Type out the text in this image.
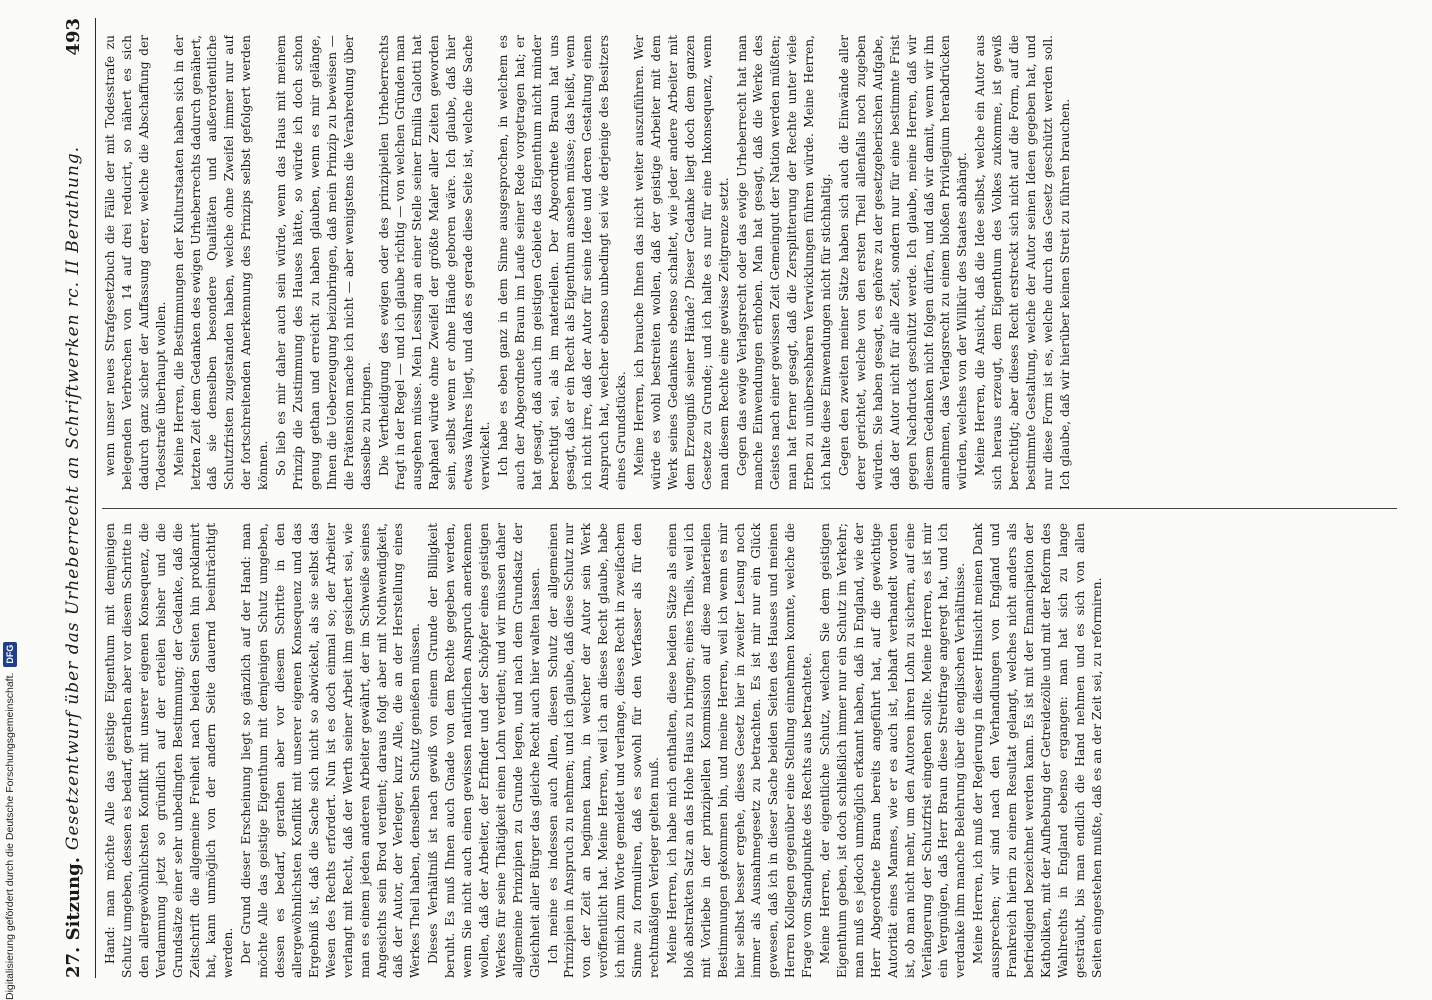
27. Sitzung.
Gesetzentwurf über das Urheberrecht an Schriftwerken rc. II Berathung.
493

Hand: man möchte Alle das geistige Eigenthum mit demjenigen Schutz umgeben, dessen es bedarf, gerathen aber vor diesem Schritte in den allergewöhnlichsten Konflikt mit unserer eigenen Konsequenz, die Verdammung jetzt so gründlich auf der erteilen bisher und die Grundsätze einer sehr unbedingten Bestimmung; der Gedanke, daß die Zeitschrift die allgemeine Freiheit nach beiden Seiten hin proklamirt hat, kann unmöglich von der andern Seite dauernd beeinträchtigt werden. Der Grund dieser Erscheinung liegt so gänzlich auf der Hand: man möchte Alle das geistige Eigenthum mit demjenigen Schutz umgeben, dessen es bedarf, gerathen aber vor diesem Schritte in den allergewöhnlichsten Konflikt mit unserer eigenen Konsequenz und das Ergebniß ist, daß die Sache sich nicht so abwickelt, als sie selbst das Wesen des Rechts erfordert. Nun ist es doch einmal so; der Arbeiter verlangt mit Recht, daß der Werth seiner Arbeit ihm gesichert sei, wie man es einem jeden anderen Arbeiter gewährt, der im Schweiße seines Angesichts sein Brod verdient; daraus folgt aber mit Nothwendigkeit, daß der Autor, der Verleger, kurz Alle, die an der Herstellung eines Werkes Theil haben, denselben Schutz genießen müssen. Dieses Verhältniß ist nach gewiß von einem Grunde der Billigkeit beruht. Es muß Ihnen auch Gnade von dem Rechte gegeben werden, wenn Sie nicht auch einen gewissen natürlichen Anspruch anerkennen wollen, daß der Arbeiter, der Erfinder und der Schöpfer eines geistigen Werkes für seine Thätigkeit einen Lohn verdient; und wir müssen daher allgemeine Prinzipien zu Grunde legen, und nach dem Grundsatz der Gleichheit aller Bürger das gleiche Recht auch hier walten lassen. Ich meine es indessen auch Allen, diesen Schutz der allgemeinen Prinzipien in Anspruch zu nehmen; und ich glaube, daß diese Schutz nur von der Zeit an beginnen kann, in welcher der Autor sein Werk veröffentlicht hat. Meine Herren, weil ich an dieses Recht glaube, habe ich mich zum Worte gemeldet und verlange, dieses Recht in zweifachem Sinne zu formuliren, daß es sowohl für den Verfasser als für den rechtmäßigen Verleger gelten muß. Meine Herren, ich habe mich enthalten, diese beiden Sätze als einen bloß abstrakten Satz an das Hohe Haus zu bringen; eines Theils, weil ich mit Vorliebe in der prinzipiellen Kommission auf diese materiellen Bestimmungen gekommen bin, und meine Herren, weil ich wenn es mir hier selbst besser ergehe, dieses Gesetz hier in zweiter Lesung noch immer als Ausnahmegesetz zu betrachten. Es ist mir nur ein Glück gewesen, daß ich in dieser Sache beiden Seiten des Hauses und meinen Herren Kollegen gegenüber eine Stellung einnehmen konnte, welche die Frage vom Standpunkte des Rechts aus betrachtete. Meine Herren, der eigentliche Schutz, welchen Sie dem geistigen Eigenthum geben, ist doch schließlich immer nur ein Schutz im Verkehr; man muß es jedoch unmöglich erkannt haben, daß in England, wie der Herr Abgeordnete Braun bereits angeführt hat, auf die gewichtige Autorität eines Mannes, wie er es auch ist, lebhaft verhandelt worden ist, ob man nicht mehr, um den Autoren ihren Lohn zu sichern, auf eine Verlängerung der Schutzfrist eingehen sollte. Meine Herren, es ist mir ein Vergnügen, daß Herr Braun diese Streitfrage angeregt hat, und ich verdanke ihm manche Belehrung über die englischen Verhältnisse. Meine Herren, ich muß der Regierung in dieser Hinsicht meinen Dank aussprechen; wir sind nach den Verhandlungen von England und Frankreich hierin zu einem Resultat gelangt, welches nicht anders als befriedigend bezeichnet werden kann. Es ist mit der Emancipation der Katholiken, mit der Aufhebung der Getreidezölle und mit der Reform des Wahlrechts in England ebenso ergangen: man hat sich zu lange gesträubt, bis man endlich die Hand nehmen und es sich von allen Seiten eingestehen mußte, daß es an der Zeit sei, zu reformiren.

wenn unser neues Strafgesetzbuch die Fälle der mit Todesstrafe zu belegenden Verbrechen von 14 auf drei reducirt, so nähert es sich dadurch ganz sicher der Auffassung derer, welche die Abschaffung der Todesstrafe überhaupt wollen. Meine Herren, die Bestimmungen der Kulturstaaten haben sich in der letzten Zeit dem Gedanken des ewigen Urheberrechts dadurch genähert, daß sie denselben besondere Qualitäten und außerordentliche Schutzfristen zugestanden haben, welche ohne Zweifel immer nur auf der fortschreitenden Anerkennung des Prinzips selbst gefolgert werden können. So lieb es mir daher auch sein würde, wenn das Haus mit meinem Prinzip die Zustimmung des Hauses hätte, so würde ich doch schon genug gethan und erreicht zu haben glauben, wenn es mir gelänge, Ihnen die Ueberzeugung beizubringen, daß mein Prinzip zu beweisen — die Prätension mache ich nicht — aber wenigstens die Verabredung über dasselbe zu bringen. Die Vertheidigung des ewigen oder des prinzipiellen Urheberrechts fragt in der Regel — und ich glaube richtig — von welchen Gründen man ausgehen müsse. Mein Lessing an einer Stelle seiner Emilia Galotti hat Raphael würde ohne Zweifel der größte Maler aller Zeiten geworden sein, selbst wenn er ohne Hände geboren wäre. Ich glaube, daß hier etwas Wahres liegt, und daß es gerade diese Seite ist, welche die Sache verwickelt. Ich habe es eben ganz in dem Sinne ausgesprochen, in welchem es auch der Abgeordnete Braun im Laufe seiner Rede vorgetragen hat; er hat gesagt, daß auch im geistigen Gebiete das Eigenthum nicht minder berechtigt sei, als im materiellen. Der Abgeordnete Braun hat uns gesagt, daß er ein Recht als Eigenthum ansehen müsse; das heißt, wenn ich nicht irre, daß der Autor für seine Idee und deren Gestaltung einen Anspruch hat, welcher ebenso unbedingt sei wie derjenige des Besitzers eines Grundstücks. Meine Herren, ich brauche Ihnen das nicht weiter auszuführen. Wer würde es wohl bestreiten wollen, daß der geistige Arbeiter mit dem Werk seines Gedankens ebenso schaltet, wie jeder andere Arbeiter mit dem Erzeugniß seiner Hände? Dieser Gedanke liegt doch dem ganzen Gesetze zu Grunde; und ich halte es nur für eine Inkonsequenz, wenn man diesem Rechte eine gewisse Zeitgrenze setzt. Gegen das ewige Verlagsrecht oder das ewige Urheberrecht hat man manche Einwendungen erhoben. Man hat gesagt, daß die Werke des Geistes nach einer gewissen Zeit Gemeingut der Nation werden müßten; man hat ferner gesagt, daß die Zersplitterung der Rechte unter viele Erben zu unübersehbaren Verwicklungen führen würde. Meine Herren, ich halte diese Einwendungen nicht für stichhaltig. Gegen den zweiten meiner Sätze haben sich auch die Einwände aller derer gerichtet, welche von den ersten Theil allenfalls noch zugeben würden. Sie haben gesagt, es gehöre zu der gesetzgeberischen Aufgabe, daß der Autor nicht für alle Zeit, sondern nur für eine bestimmte Frist gegen Nachdruck geschützt werde. Ich glaube, meine Herren, daß wir diesem Gedanken nicht folgen dürfen, und daß wir damit, wenn wir ihn annehmen, das Verlagsrecht zu einem bloßen Privilegium herabdrücken würden, welches von der Willkür des Staates abhängt. Meine Herren, die Ansicht, daß die Idee selbst, welche ein Autor aus sich heraus erzeugt, dem Eigenthum des Volkes zukomme, ist gewiß berechtigt; aber dieses Recht erstreckt sich nicht auf die Form, auf die bestimmte Gestaltung, welche der Autor seinen Ideen gegeben hat, und nur diese Form ist es, welche durch das Gesetz geschützt werden soll. Ich glaube, daß wir hierüber keinen Streit zu führen brauchen.

Digitalisierung gefördert durch die Deutsche Forschungsgemeinschaft.
DFG
